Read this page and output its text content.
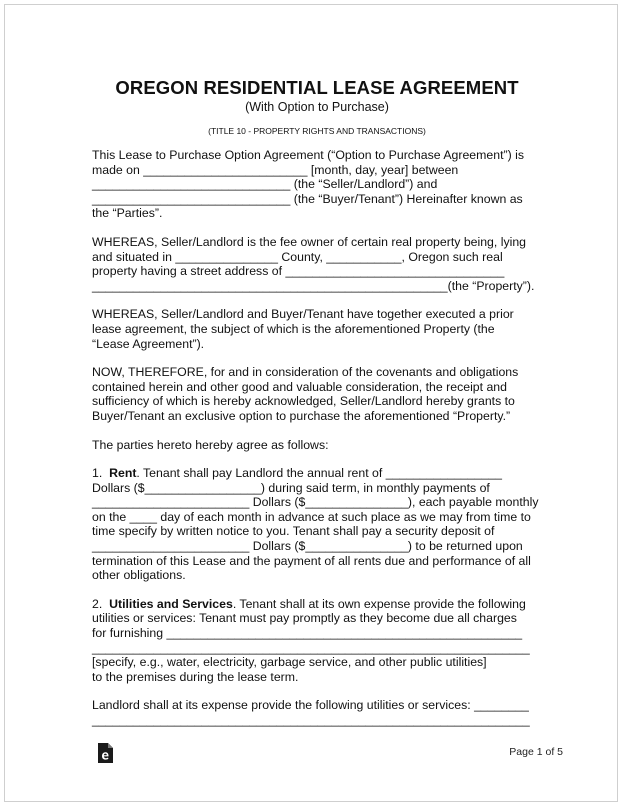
OREGON RESIDENTIAL LEASE AGREEMENT

(With Option to Purchase)

(TITLE 10 - PROPERTY RIGHTS AND TRANSACTIONS)

This Lease to Purchase Option Agreement (“Option to Purchase Agreement”) is
made on ________________________ [month, day, year] between
_____________________________ (the “Seller/Landlord”) and
_____________________________ (the “Buyer/Tenant”) Hereinafter known as
the “Parties”.

WHEREAS, Seller/Landlord is the fee owner of certain real property being, lying
and situated in _______________ County, ___________, Oregon such real
property having a street address of ________________________________
____________________________________________________(the “Property”).

WHEREAS, Seller/Landlord and Buyer/Tenant have together executed a prior
lease agreement, the subject of which is the aforementioned Property (the
“Lease Agreement”).

NOW, THEREFORE, for and in consideration of the covenants and obligations
contained herein and other good and valuable consideration, the receipt and
sufficiency of which is hereby acknowledged, Seller/Landlord hereby grants to
Buyer/Tenant an exclusive option to purchase the aforementioned “Property.”

The parties hereto hereby agree as follows:

1.  Rent. Tenant shall pay Landlord the annual rent of _________________
Dollars ($_________________) during said term, in monthly payments of
_______________________ Dollars ($_______________), each payable monthly
on the ____ day of each month in advance at such place as we may from time to
time specify by written notice to you. Tenant shall pay a security deposit of
_______________________ Dollars ($_______________) to be returned upon
termination of this Lease and the payment of all rents due and performance of all
other obligations.

2.  Utilities and Services. Tenant shall at its own expense provide the following
utilities or services: Tenant must pay promptly as they become due all charges
for furnishing ____________________________________________________
________________________________________________________________
[specify, e.g., water, electricity, garbage service, and other public utilities]
to the premises during the lease term.

Landlord shall at its expense provide the following utilities or services: ________
________________________________________________________________

Page 1 of 5
